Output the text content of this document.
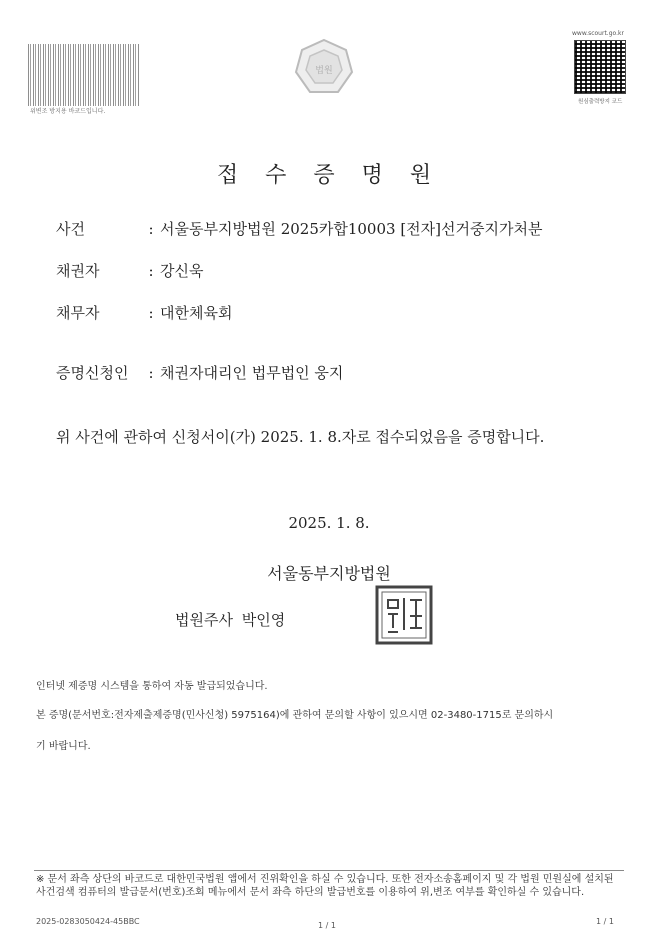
위변조 방지용 바코드입니다.
법원
www.scourt.go.kr
원심출력방지 코드
접 수 증 명 원
사건	: 서울동부지방법원 2025카합10003 [전자]선거중지가처분
채권자	: 강신욱
채무자	: 대한체육회
증명신청인 : 채권자대리인 법무법인 웅지
위 사건에 관하여 신청서이(가) 2025. 1. 8.자로 접수되었음을 증명합니다.
2025. 1. 8.
서울동부지방법원
법원주사 박인영
인터넷 제증명 시스템을 통하여 자동 발급되었습니다.
본 증명(문서번호:전자제출제증명(민사신청) 5975164)에 관하여 문의할 사항이 있으시면 02-3480-1715로 문의하시
기 바랍니다.
※ 문서 좌측 상단의 바코드로 대한민국법원 앱에서 진위확인을 하실 수 있습니다. 또한 전자소송홈페이지 및 각 법원 민원실에 설치된 사건검색 컴퓨터의 발급문서(번호)조회 메뉴에서 문서 좌측 하단의 발급번호를 이용하여 위,변조 여부를 확인하실 수 있습니다.
2025-0283050424-45BBC	1 / 1	1 / 1
